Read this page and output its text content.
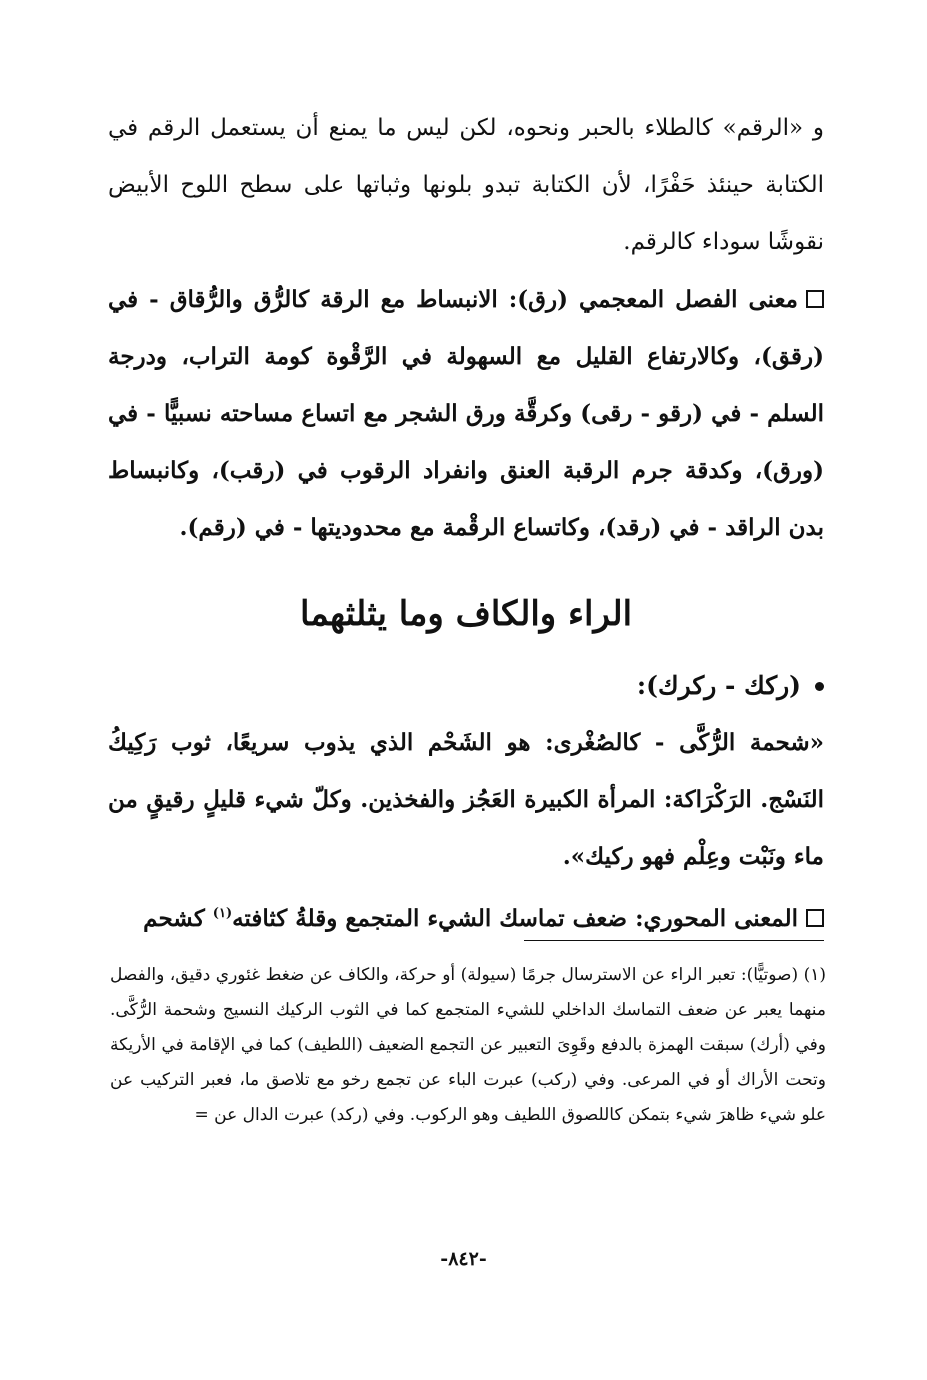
و «الرقم» كالطلاء بالحبر ونحوه، لكن ليس ما يمنع أن يستعمل الرقم في الكتابة حينئذ حَفْرًا، لأن الكتابة تبدو بلونها وثباتها على سطح اللوح الأبيض نقوشًا سوداء كالرقم.

معنى الفصل المعجمي (رق): الانبساط مع الرقة كالرُّق والرُّقاق - في (رقق)، وكالارتفاع القليل مع السهولة في الرَّقْوة كومة التراب، ودرجة السلم - في (رقو - رقى) وكرقَّة ورق الشجر مع اتساع مساحته نسبيًّا - في (ورق)، وكدقة جرم الرقبة العنق وانفراد الرقوب في (رقب)، وكانبساط بدن الراقد - في (رقد)، وكاتساع الرقْمة مع محدوديتها - في (رقم).

الراء والكاف وما يثلثهما

(ركك - ركرك):

«شحمة الرُّكَّى - كالصُغْرى: هو الشَحْم الذي يذوب سريعًا، ثوب رَكِيكُ النَسْج. الرَكْرَاكة: المرأة الكبيرة العَجُز والفخذين. وكلّ شيء قليلٍ رقيقٍ من ماء ونَبْت وعِلْم فهو ركيك».

المعنى المحوري: ضعف تماسك الشيء المتجمع وقلةُ كثافته$^{(١)}$ كشحم

(١) (صوتيًّا): تعبر الراء عن الاسترسال جرمًا (سيولة) أو حركة، والكاف عن ضغط غئوري دقيق، والفصل منهما يعبر عن ضعف التماسك الداخلي للشيء المتجمع كما في الثوب الركيك النسيج وشحمة الرُّكَّى. وفي (أرك) سبقت الهمزة بالدفع وقَوِىَ التعبير عن التجمع الضعيف (اللطيف) كما في الإقامة في الأريكة وتحت الأراك أو في المرعى. وفي (ركب) عبرت الباء عن تجمع رخو مع تلاصق ما، فعبر التركيب عن علو شيء ظاهرَ شيء بتمكن كاللصوق اللطيف وهو الركوب. وفي (ركد) عبرت الدال عن =

-٨٤٢-
